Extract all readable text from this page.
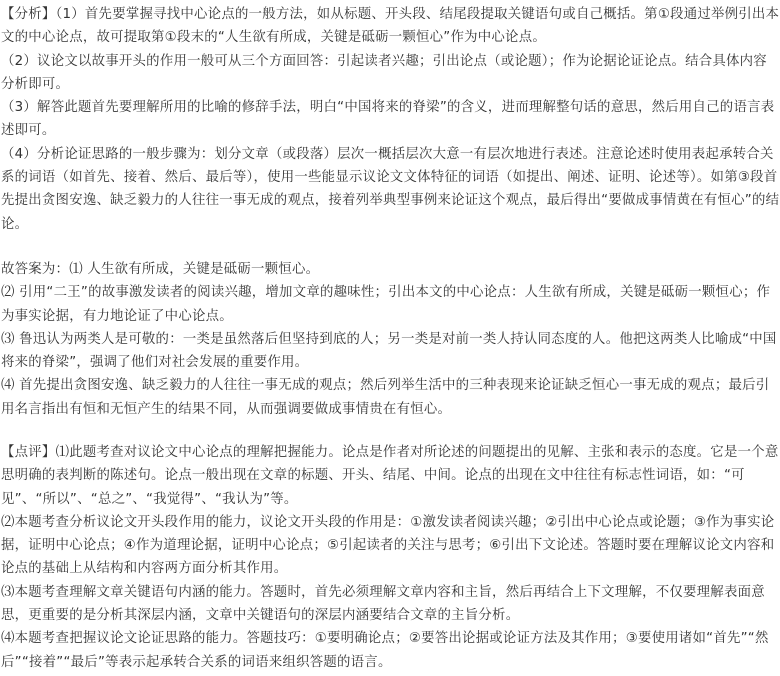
【分析】（1）首先要掌握寻找中心论点的一般方法，如从标题、开头段、结尾段提取关键语句或自己概括。第①段通过举例引出本文的中心论点，故可提取第①段末的“人生欲有所成，关键是砥砺一颗恒心”作为中心论点。

（2）议论文以故事开头的作用一般可从三个方面回答：引起读者兴趣；引出论点（或论题）；作为论据论证论点。结合具体内容分析即可。

（3）解答此题首先要理解所用的比喻的修辞手法，明白“中国将来的脊梁”的含义，进而理解整句话的意思，然后用自己的语言表述即可。

（4）分析论证思路的一般步骤为：划分文章（或段落）层次一概括层次大意一有层次地进行表述。注意论述时使用表起承转合关系的词语（如首先、接着、然后、最后等），使用一些能显示议论文文体特征的词语（如提出、阐述、证明、论述等）。如第③段首先提出贪图安逸、缺乏毅力的人往往一事无成的观点，接着列举典型事例来论证这个观点，最后得出“要做成事情黄在有恒心”的结论。

故答案为：⑴ 人生欲有所成，关键是砥砺一颗恒心。

⑵ 引用“二王”的故事激发读者的阅读兴趣，增加文章的趣味性；引出本文的中心论点：人生欲有所成，关键是砥砺一颗恒心；作为事实论据，有力地论证了中心论点。

⑶ 鲁迅认为两类人是可敬的：一类是虽然落后但坚持到底的人；另一类是对前一类人持认同态度的人。他把这两类人比喻成“中国将来的脊梁”，强调了他们对社会发展的重要作用。

⑷ 首先提出贪图安逸、缺乏毅力的人往往一事无成的观点；然后列举生活中的三种表现来论证缺乏恒心一事无成的观点；最后引用名言指出有恒和无恒产生的结果不同，从而强调要做成事情贵在有恒心。

【点评】⑴此题考查对议论文中心论点的理解把握能力。论点是作者对所论述的问题提出的见解、主张和表示的态度。它是一个意思明确的表判断的陈述句。论点一般出现在文章的标题、开头、结尾、中间。论点的出现在文中往往有标志性词语，如：“可见”、“所以”、“总之”、“我觉得”、“我认为”等。

⑵本题考查分析议论文开头段作用的能力，议论文开头段的作用是：①激发读者阅读兴趣；②引出中心论点或论题；③作为事实论据，证明中心论点；④作为道理论据，证明中心论点；⑤引起读者的关注与思考；⑥引出下文论述。答题时要在理解议论文内容和论点的基础上从结构和内容两方面分析其作用。

⑶本题考查理解文章关键语句内涵的能力。答题时，首先必须理解文章内容和主旨，然后再结合上下文理解，不仅要理解表面意思，更重要的是分析其深层内涵，文章中关键语句的深层内涵要结合文章的主旨分析。

⑷本题考查把握议论文论证思路的能力。答题技巧：①要明确论点；②要答出论据或论证方法及其作用；③要使用诸如“首先”“然后”“接着”“最后”等表示起承转合关系的词语来组织答题的语言。
